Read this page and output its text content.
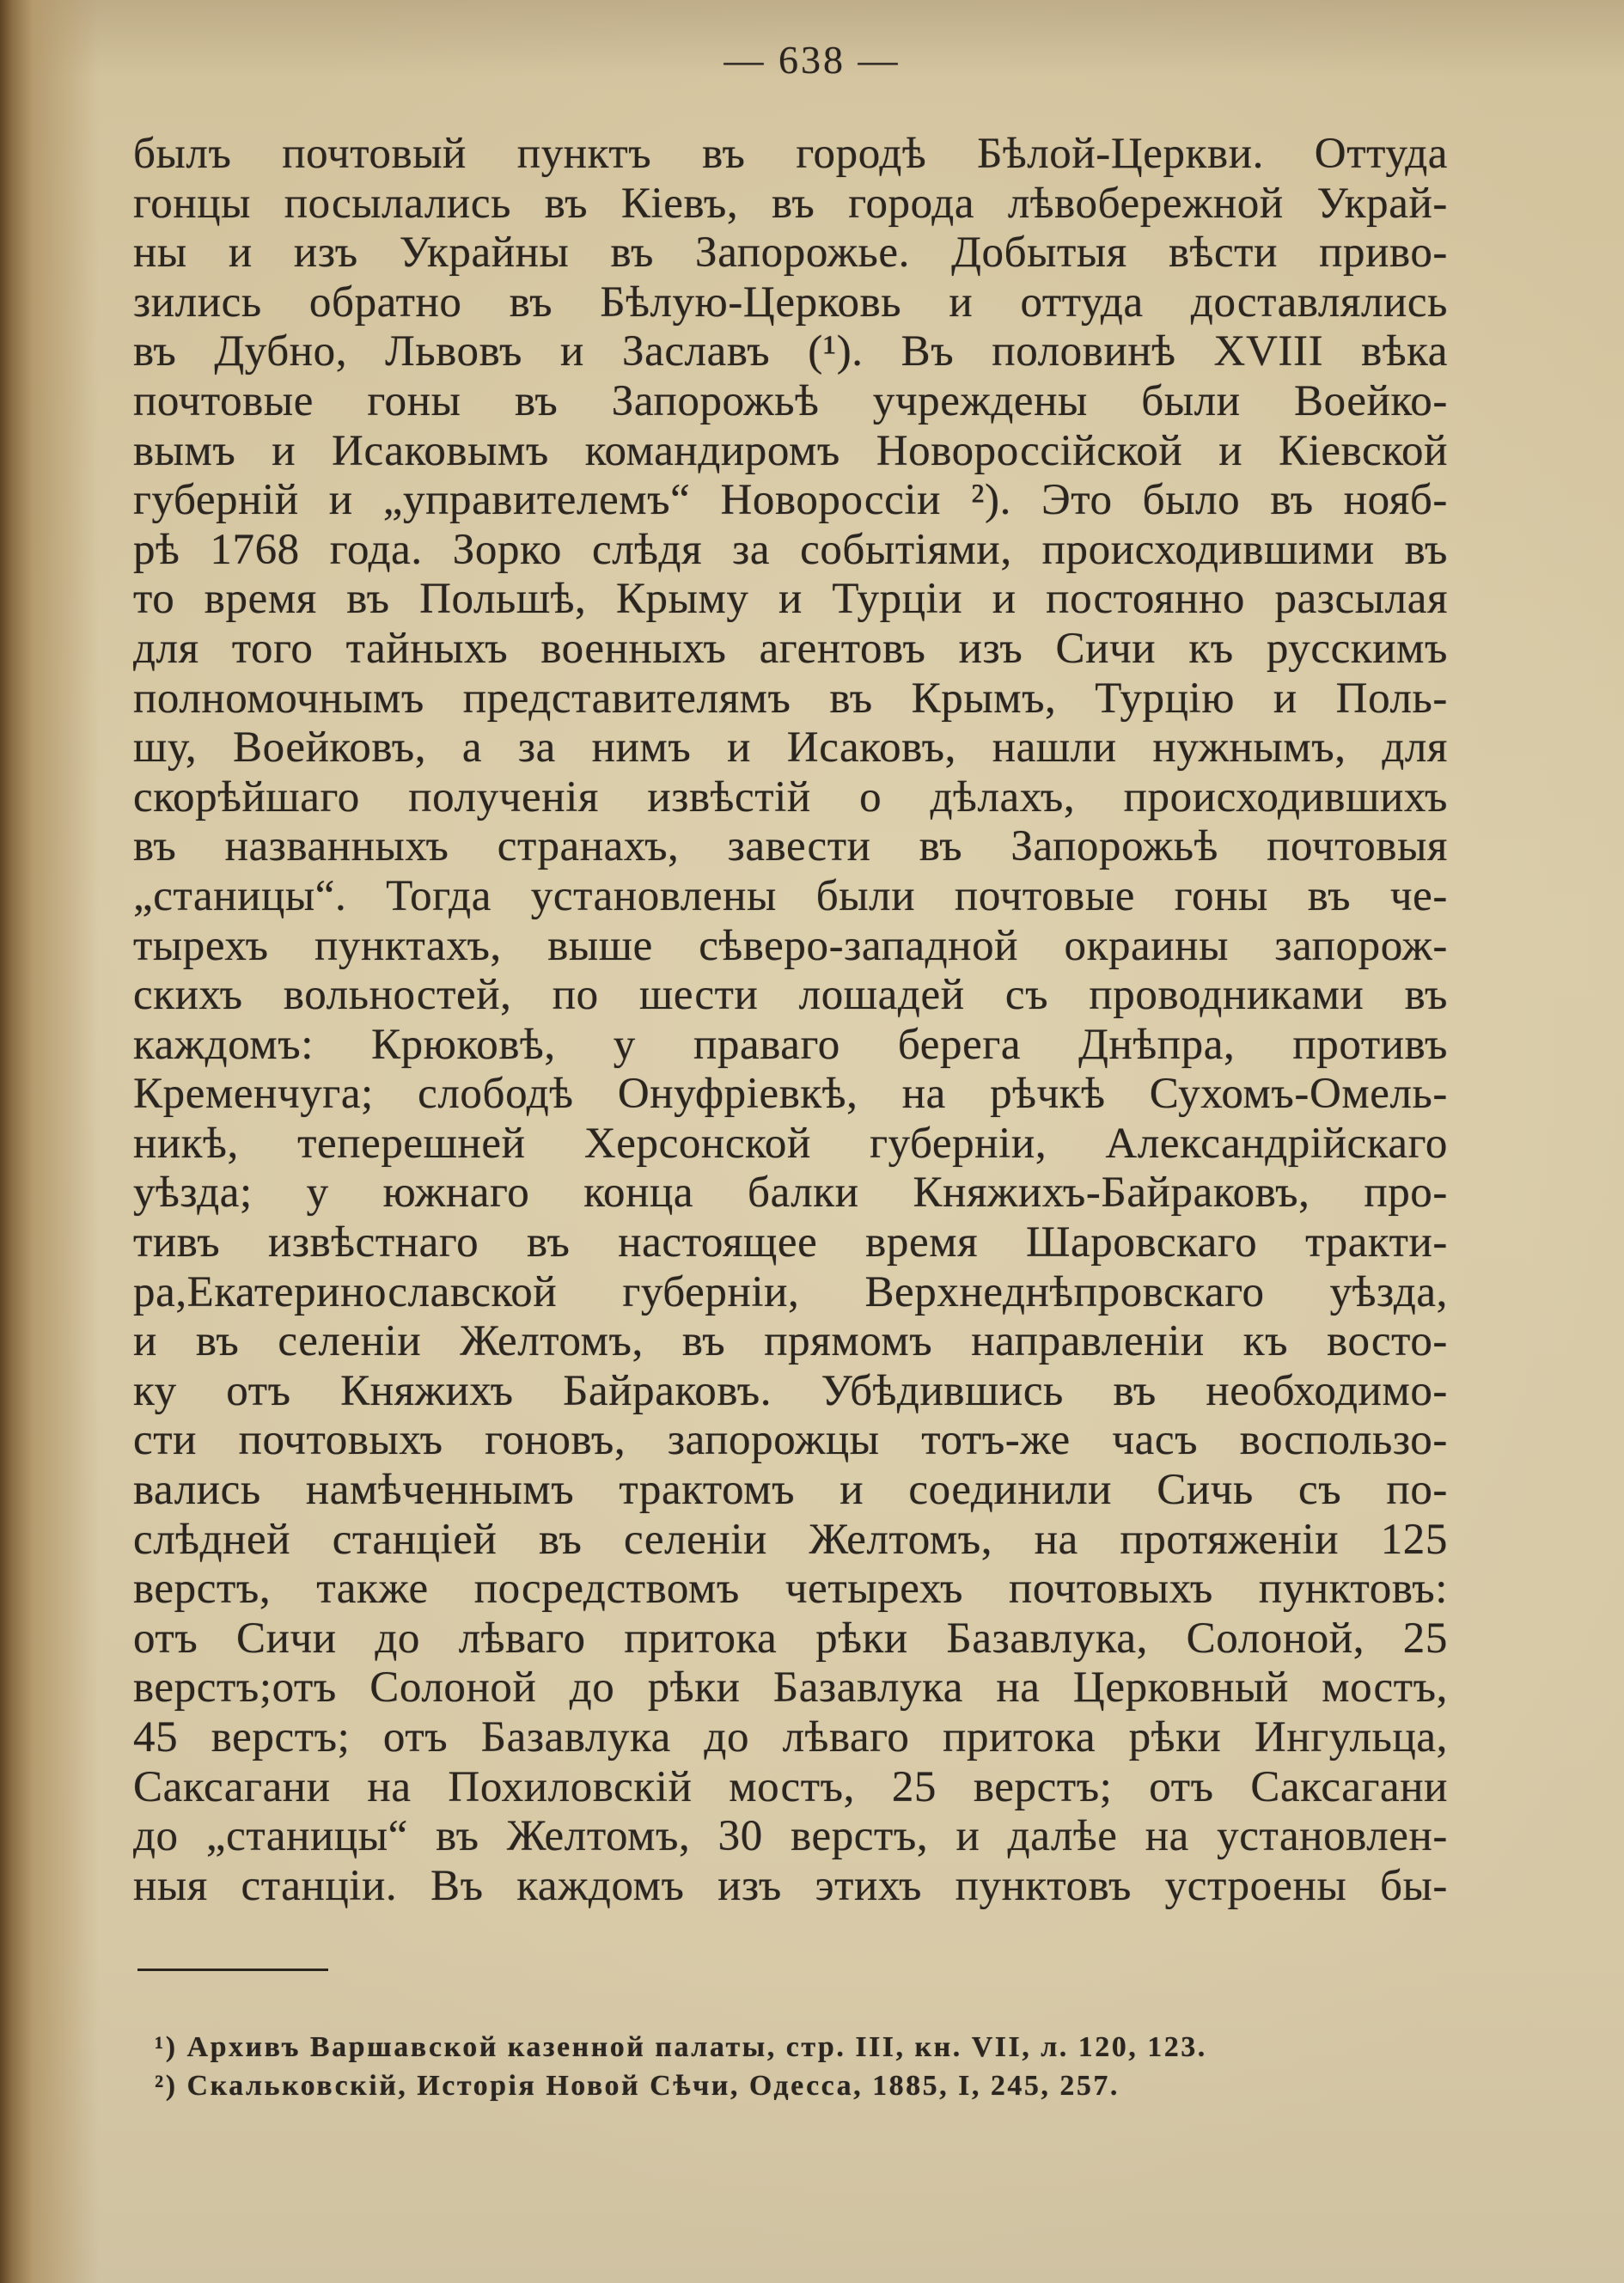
— 638 —
былъ почтовый пунктъ въ городѣ Бѣлой-Церкви. Оттуда
гонцы посылались въ Кіевъ, въ города лѣвобережной Украй-
ны и изъ Украйны въ Запорожье. Добытыя вѣсти приво-
зились обратно въ Бѣлую-Церковь и оттуда доставлялись
въ Дубно, Львовъ и Заславъ (¹). Въ половинѣ XVIII вѣка
почтовые гоны въ Запорожьѣ учреждены были Воейко-
вымъ и Исаковымъ командиромъ Новороссійской и Кіевской
губерній и „управителемъ“ Новороссіи ²). Это было въ нояб-
рѣ 1768 года. Зорко слѣдя за событіями, происходившими въ
то время въ Польшѣ, Крыму и Турціи и постоянно разсылая
для того тайныхъ военныхъ агентовъ изъ Сичи къ русскимъ
полномочнымъ представителямъ въ Крымъ, Турцію и Поль-
шу, Воейковъ, а за нимъ и Исаковъ, нашли нужнымъ, для
скорѣйшаго полученія извѣстій о дѣлахъ, происходившихъ
въ названныхъ странахъ, завести въ Запорожьѣ почтовыя
„станицы“. Тогда установлены были почтовые гоны въ че-
тырехъ пунктахъ, выше сѣверо-западной окраины запорож-
скихъ вольностей, по шести лошадей съ проводниками въ
каждомъ: Крюковѣ, у праваго берега Днѣпра, противъ
Кременчуга; слободѣ Онуфріевкѣ, на рѣчкѣ Сухомъ-Омель-
никѣ, теперешней Херсонской губерніи, Александрійскаго
уѣзда; у южнаго конца балки Княжихъ-Байраковъ, про-
тивъ извѣстнаго въ настоящее время Шаровскаго тракти-
ра,Екатеринославской губерніи, Верхнеднѣпровскаго уѣзда,
и въ селеніи Желтомъ, въ прямомъ направленіи къ восто-
ку отъ Княжихъ Байраковъ. Убѣдившись въ необходимо-
сти почтовыхъ гоновъ, запорожцы тотъ-же часъ воспользо-
вались намѣченнымъ трактомъ и соединили Сичь съ по-
слѣдней станціей въ селеніи Желтомъ, на протяженіи 125
верстъ, также посредствомъ четырехъ почтовыхъ пунктовъ:
отъ Сичи до лѣваго притока рѣки Базавлука, Солоной, 25
верстъ;отъ Солоной до рѣки Базавлука на Церковный мостъ,
45 верстъ; отъ Базавлука до лѣваго притока рѣки Ингульца,
Саксагани на Похиловскій мостъ, 25 верстъ; отъ Саксагани
до „станицы“ въ Желтомъ, 30 верстъ, и далѣе на установлен-
ныя станціи. Въ каждомъ изъ этихъ пунктовъ устроены бы-
¹) Архивъ Варшавской казенной палаты, стр. III, кн. VII, л. 120, 123.
²) Скальковскій, Исторія Новой Сѣчи, Одесса, 1885, I, 245, 257.
